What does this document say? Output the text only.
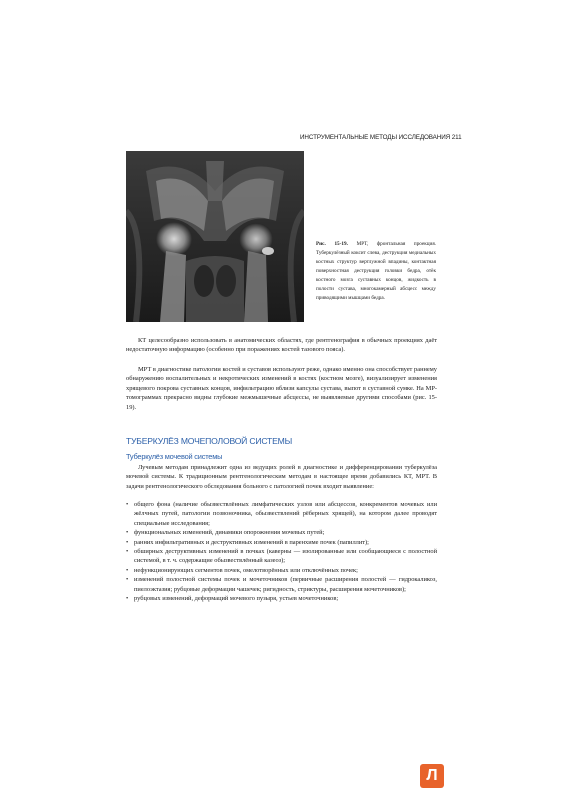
ИНСТРУМЕНТАЛЬНЫЕ МЕТОДЫ ИССЛЕДОВАНИЯ 211
Рис. 15-19. МРТ, фронтальная проекция. Туберкулёзный коксит слева, деструкция медиальных костных структур вертлужной впадины, контактная поверхностная деструкция головки бедра, отёк костного мозга суставных концов, жидкость в полости сустава, многокамерный абсцесс между приводящими мышцами бедра.
КТ целесообразно использовать в анатомических областях, где рентгенография в обычных проекциях даёт недостаточную информацию (особенно при поражениях костей тазового пояса).
МРТ в диагностике патологии костей и суставов используют реже, однако именно она способствует раннему обнаружению воспалительных и некротических изменений в костях (костном мозге), визуализирует изменения хрящевого покрова суставных концов, инфильтрацию вблизи капсулы сустава, выпот в суставной сумке. На МР-томограммах прекрасно видны глубокие межмышечные абсцессы, не выявляемые другими способами (рис. 15-19).
ТУБЕРКУЛЁЗ МОЧЕПОЛОВОЙ СИСТЕМЫ
Туберкулёз мочевой системы
Лучевым методам принадлежит одна из ведущих ролей в диагностике и дифференцировании туберкулёза мочевой системы. К традиционным рентгенологическим методам в настоящее время добавились КТ, МРТ. В задачи рентгенологического обследования больного с патологией почек входит выявление:
• общего фона (наличие обызвествлённых лимфатических узлов или абсцессов, конкрементов мочевых или жёлчных путей, патологии позвоночника, обызвествлений рёберных хрящей), на котором далее проводят специальные исследования;
• функциональных изменений, динамики опорожнения мочевых путей;
• ранних инфильтративных и деструктивных изменений в паренхиме почек (папиллит);
• обширных деструктивных изменений в почках (каверны — изолированные или сообщающиеся с полостной системой, в т. ч. содержащие обызвествлённый казеоз);
• нефункционирующих сегментов почек, омелотворённых или отключённых почек;
• изменений полостной системы почек и мочеточников (первичные расширения полостей — гидрокаликоз, пиелоэктазия; рубцовые деформации чашечек; ригидность, стриктуры, расширения мочеточников);
• рубцовых изменений, деформаций мочевого пузыря, устьев мочеточников;
Л
